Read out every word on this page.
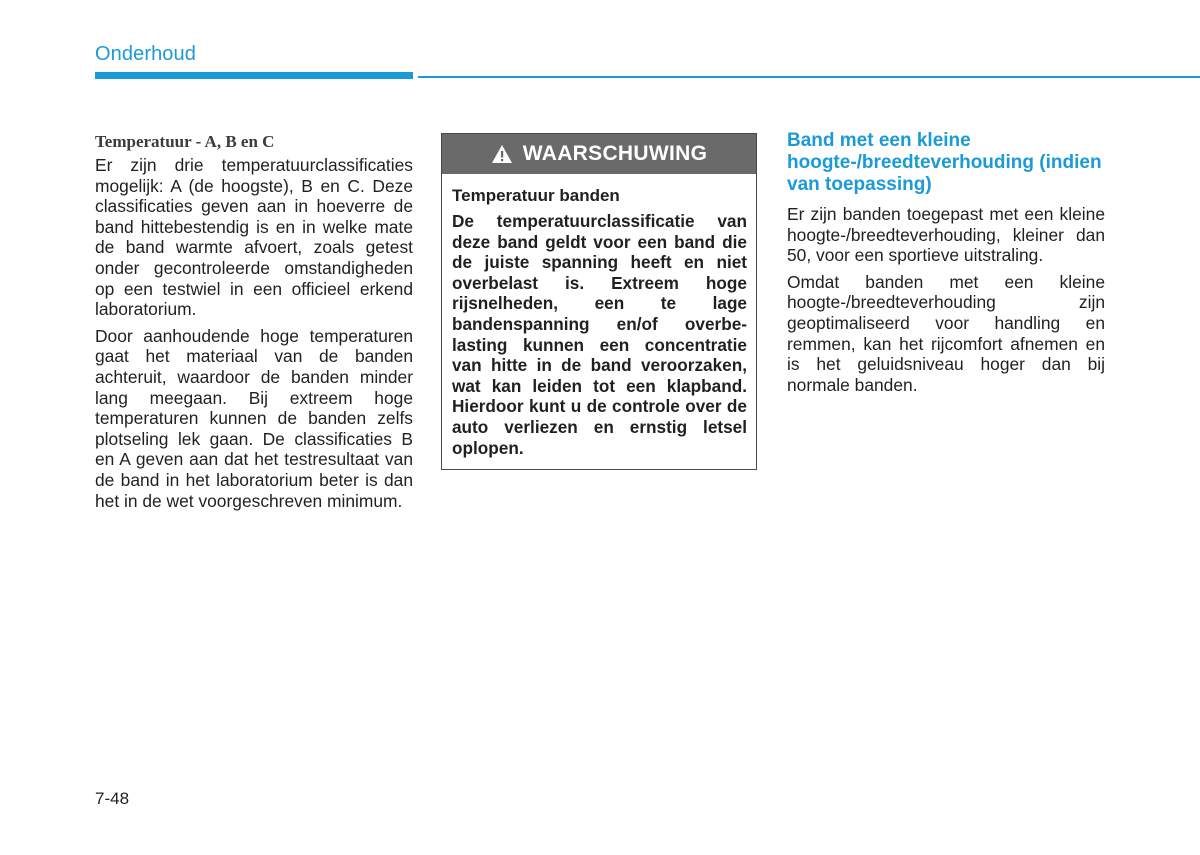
Onderhoud

Temperatuur - A, B en C

Er zijn drie temperatuurclassificaties mogelijk: A (de hoogste), B en C. Deze classificaties geven aan in hoeverre de band hittebestendig is en in welke mate de band warmte afvoert, zoals getest onder gecontroleerde omstandigheden op een testwiel in een officieel erkend laboratorium.

Door aanhoudende hoge temperaturen gaat het materiaal van de banden achteruit, waardoor de banden minder lang meegaan. Bij extreem hoge temperaturen kunnen de banden zelfs plotseling lek gaan. De classificaties B en A geven aan dat het testresultaat van de band in het laboratorium beter is dan het in de wet voorgeschreven minimum.

WAARSCHUWING

Temperatuur banden

De temperatuurclassificatie van deze band geldt voor een band die de juiste spanning heeft en niet overbelast is. Extreem hoge rijsnelheden, een te lage bandenspanning en/of overbelasting kunnen een concentratie van hitte in de band veroorzaken, wat kan leiden tot een klapband. Hierdoor kunt u de controle over de auto verliezen en ernstig letsel oplopen.

Band met een kleine hoogte-/breedteverhouding (indien van toepassing)

Er zijn banden toegepast met een kleine hoogte-/breedteverhouding, kleiner dan 50, voor een sportieve uitstraling.

Omdat banden met een kleine hoogte-/breedteverhouding zijn geoptimaliseerd voor handling en remmen, kan het rijcomfort afnemen en is het geluidsniveau hoger dan bij normale banden.

7-48
